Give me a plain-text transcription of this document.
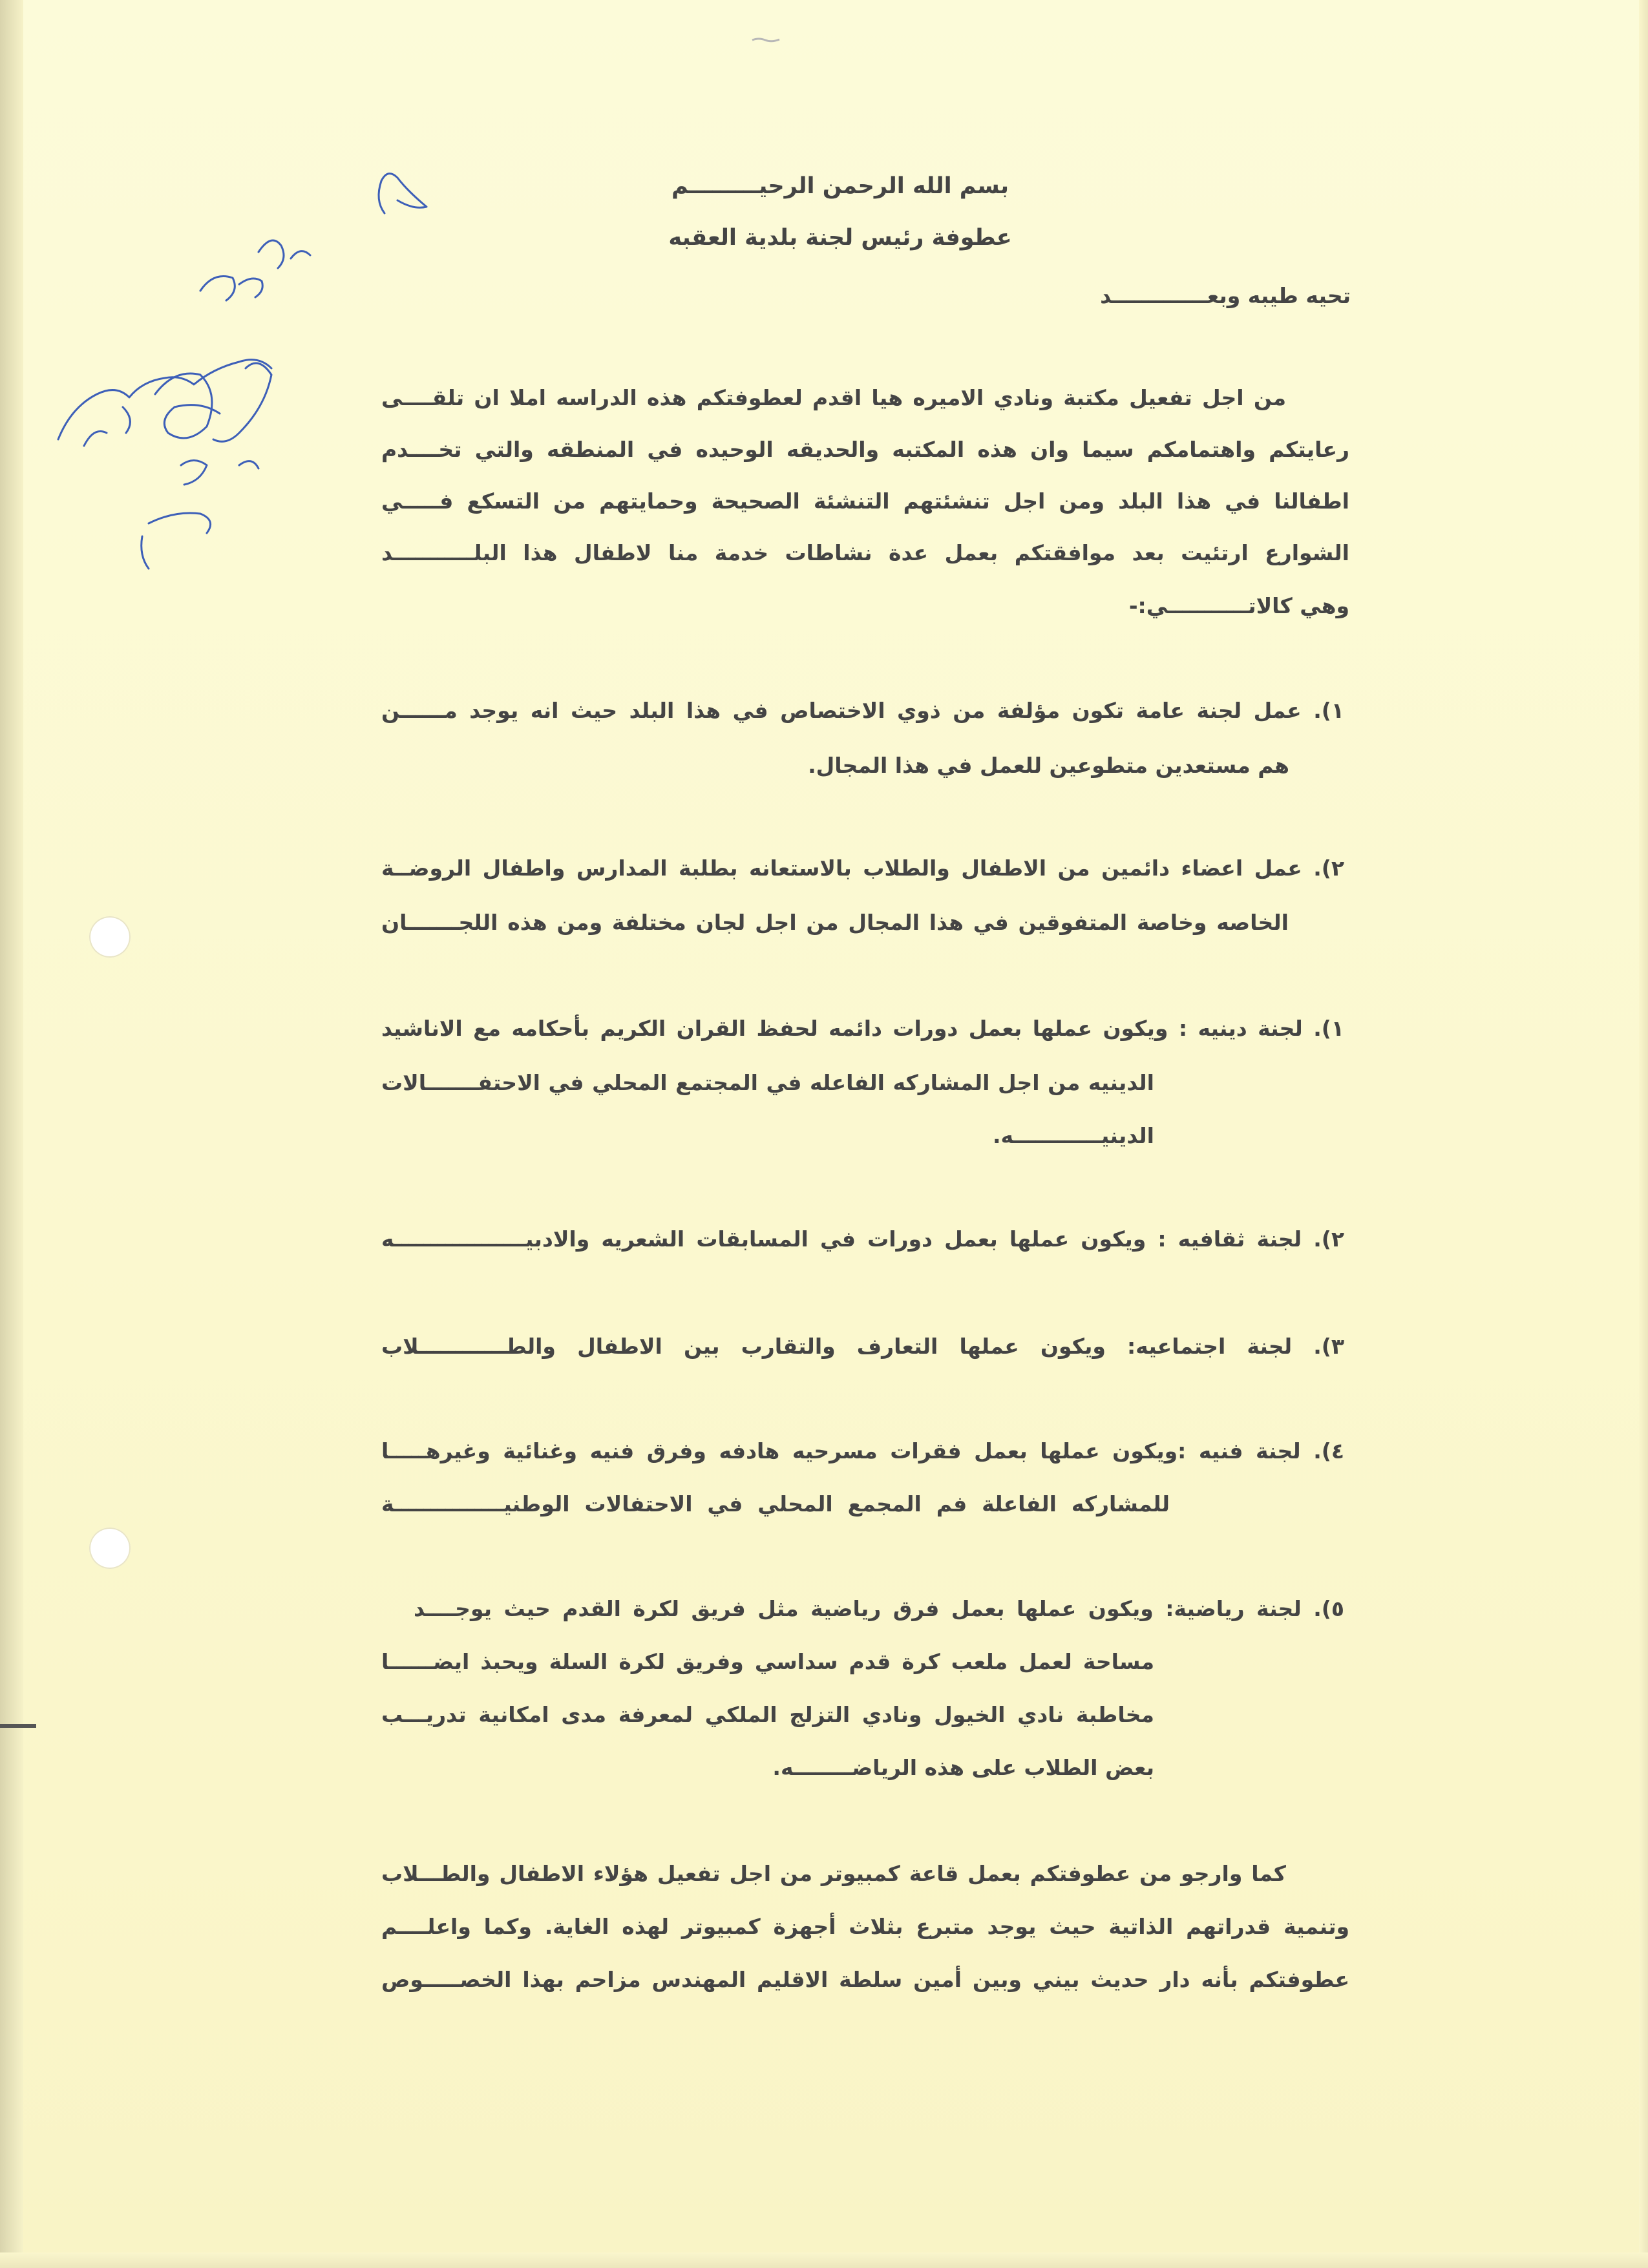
بسم الله الرحمن الرحيـــــــــم
عطوفة رئيس لجنة بلدية العقبه
تحيه طيبه وبعـــــــــــــد
من اجل تفعيل مكتبة ونادي الاميره هيا اقدم لعطوفتكم هذه الدراسه املا ان تلقــــى
رعايتكم واهتمامكم سيما وان هذه المكتبه والحديقه الوحيده في المنطقه والتي تخــــدم
اطفالنا في هذا البلد ومن اجل تنشئتهم التنشئة الصحيحة وحمايتهم من التسكع فـــــي
الشوارع ارتئيت بعد موافقتكم بعمل عدة نشاطات خدمة منا لاطفال هذا البلـــــــــــد
وهي كالاتـــــــــــي:-
١). عمل لجنة عامة تكون مؤلفة من ذوي الاختصاص في هذا البلد حيث انه يوجد مــــــن
هم مستعدين متطوعين للعمل في هذا المجال.
٢). عمل اعضاء دائمين من الاطفال والطلاب بالاستعانه بطلبة المدارس واطفال الروضــة
الخاصه وخاصة المتفوقين في هذا المجال من اجل لجان مختلفة ومن هذه اللجـــــــان
١). لجنة دينيه : ويكون عملها بعمل دورات دائمه لحفظ القران الكريم بأحكامه مع الاناشيد
الدينيه من اجل المشاركه الفاعله في المجتمع المحلي في الاحتفـــــــالات
الدينيــــــــــــه.
٢). لجنة ثقافيه : ويكون عملها بعمل دورات في المسابقات الشعريه والادبيــــــــــــــــــه
٣). لجنة اجتماعيه: ويكون عملها التعارف والتقارب بين الاطفال والطــــــــــــلاب
٤). لجنة فنيه :ويكون عملها بعمل فقرات مسرحيه هادفه وفرق فنيه وغنائية وغيرهـــــا
للمشاركه الفاعلة فم المجمع المحلي في الاحتفالات الوطنيـــــــــــــــة
٥). لجنة رياضية: ويكون عملها بعمل فرق رياضية مثل فريق لكرة القدم حيث يوجــــد
مساحة لعمل ملعب كرة قدم سداسي وفريق لكرة السلة ويحبذ ايضــــــا
مخاطبة نادي الخيول ونادي التزلج الملكي لمعرفة مدى امكانية تدريـــب
بعض الطلاب على هذه الرياضــــــــه.
كما وارجو من عطوفتكم بعمل قاعة كمبيوتر من اجل تفعيل هؤلاء الاطفال والطـــلاب
وتنمية قدراتهم الذاتية حيث يوجد متبرع بثلاث أجهزة كمبيوتر لهذه الغاية. وكما واعلــــم
عطوفتكم بأنه دار حديث بيني وبين أمين سلطة الاقليم المهندس مزاحم بهذا الخصـــــوص
